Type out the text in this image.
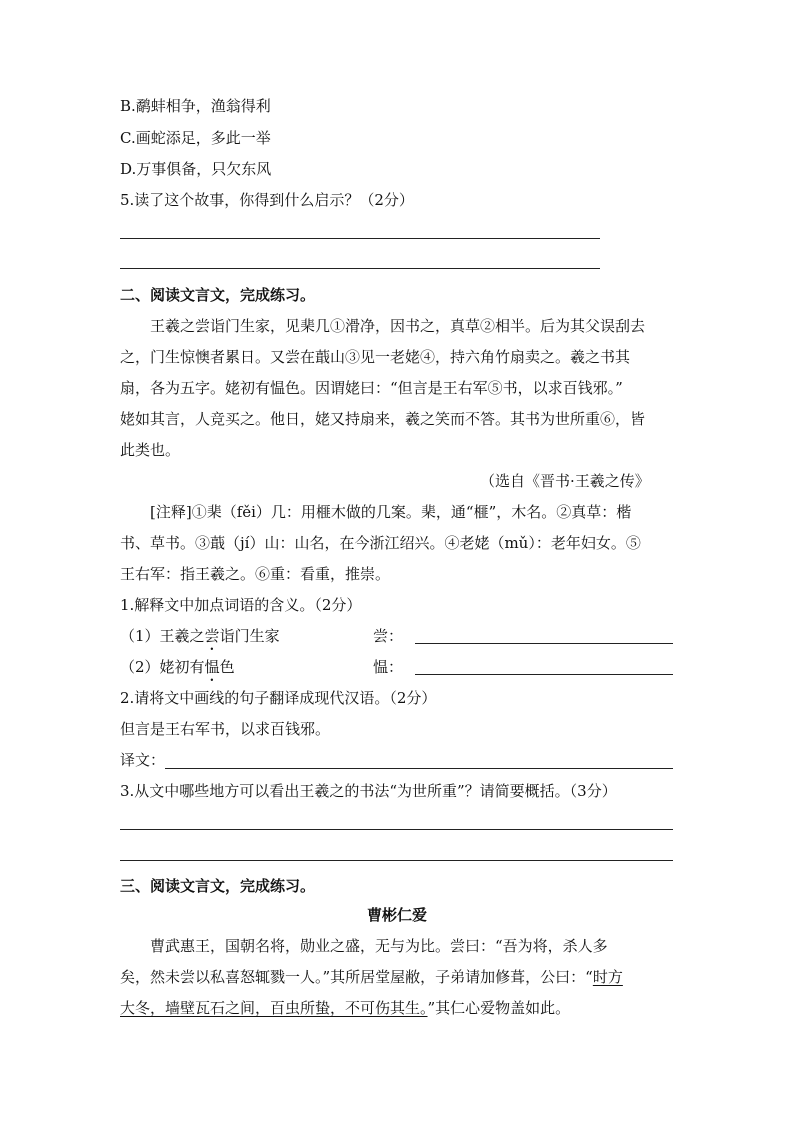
B.鹬蚌相争，渔翁得利
C.画蛇添足，多此一举
D.万事俱备，只欠东风
5.读了这个故事，你得到什么启示？（2分）
二、阅读文言文，完成练习。
王羲之尝诣门生家，见棐几①滑净，因书之，真草②相半。后为其父误刮去
之，门生惊懊者累日。又尝在蕺山③见一老姥④，持六角竹扇卖之。羲之书其
扇，各为五字。姥初有愠色。因谓姥曰：“但言是王右军⑤书，以求百钱邪。”
姥如其言，人竞买之。他日，姥又持扇来，羲之笑而不答。其书为世所重⑥，皆
此类也。
（选自《晋书·王羲之传》
[注释]①棐（fěi）几：用榧木做的几案。棐，通“榧”，木名。②真草：楷
书、草书。③蕺（jí）山：山名，在今浙江绍兴。④老姥（mǔ）：老年妇女。⑤
王右军：指王羲之。⑥重：看重，推崇。
1.解释文中加点词语的含义。（2分）
（1）王羲之尝诣门生家	尝：
（2）姥初有愠色	愠：
2.请将文中画线的句子翻译成现代汉语。（2分）
但言是王右军书，以求百钱邪。
译文：
3.从文中哪些地方可以看出王羲之的书法“为世所重”？请简要概括。（3分）
三、阅读文言文，完成练习。
曹彬仁爱
曹武惠王，国朝名将，勋业之盛，无与为比。尝曰：“吾为将，杀人多
矣，然未尝以私喜怒辄戮一人。”其所居堂屋敝，子弟请加修葺，公曰：“时方
大冬，墙壁瓦石之间，百虫所蛰，不可伤其生。”其仁心爱物盖如此。
